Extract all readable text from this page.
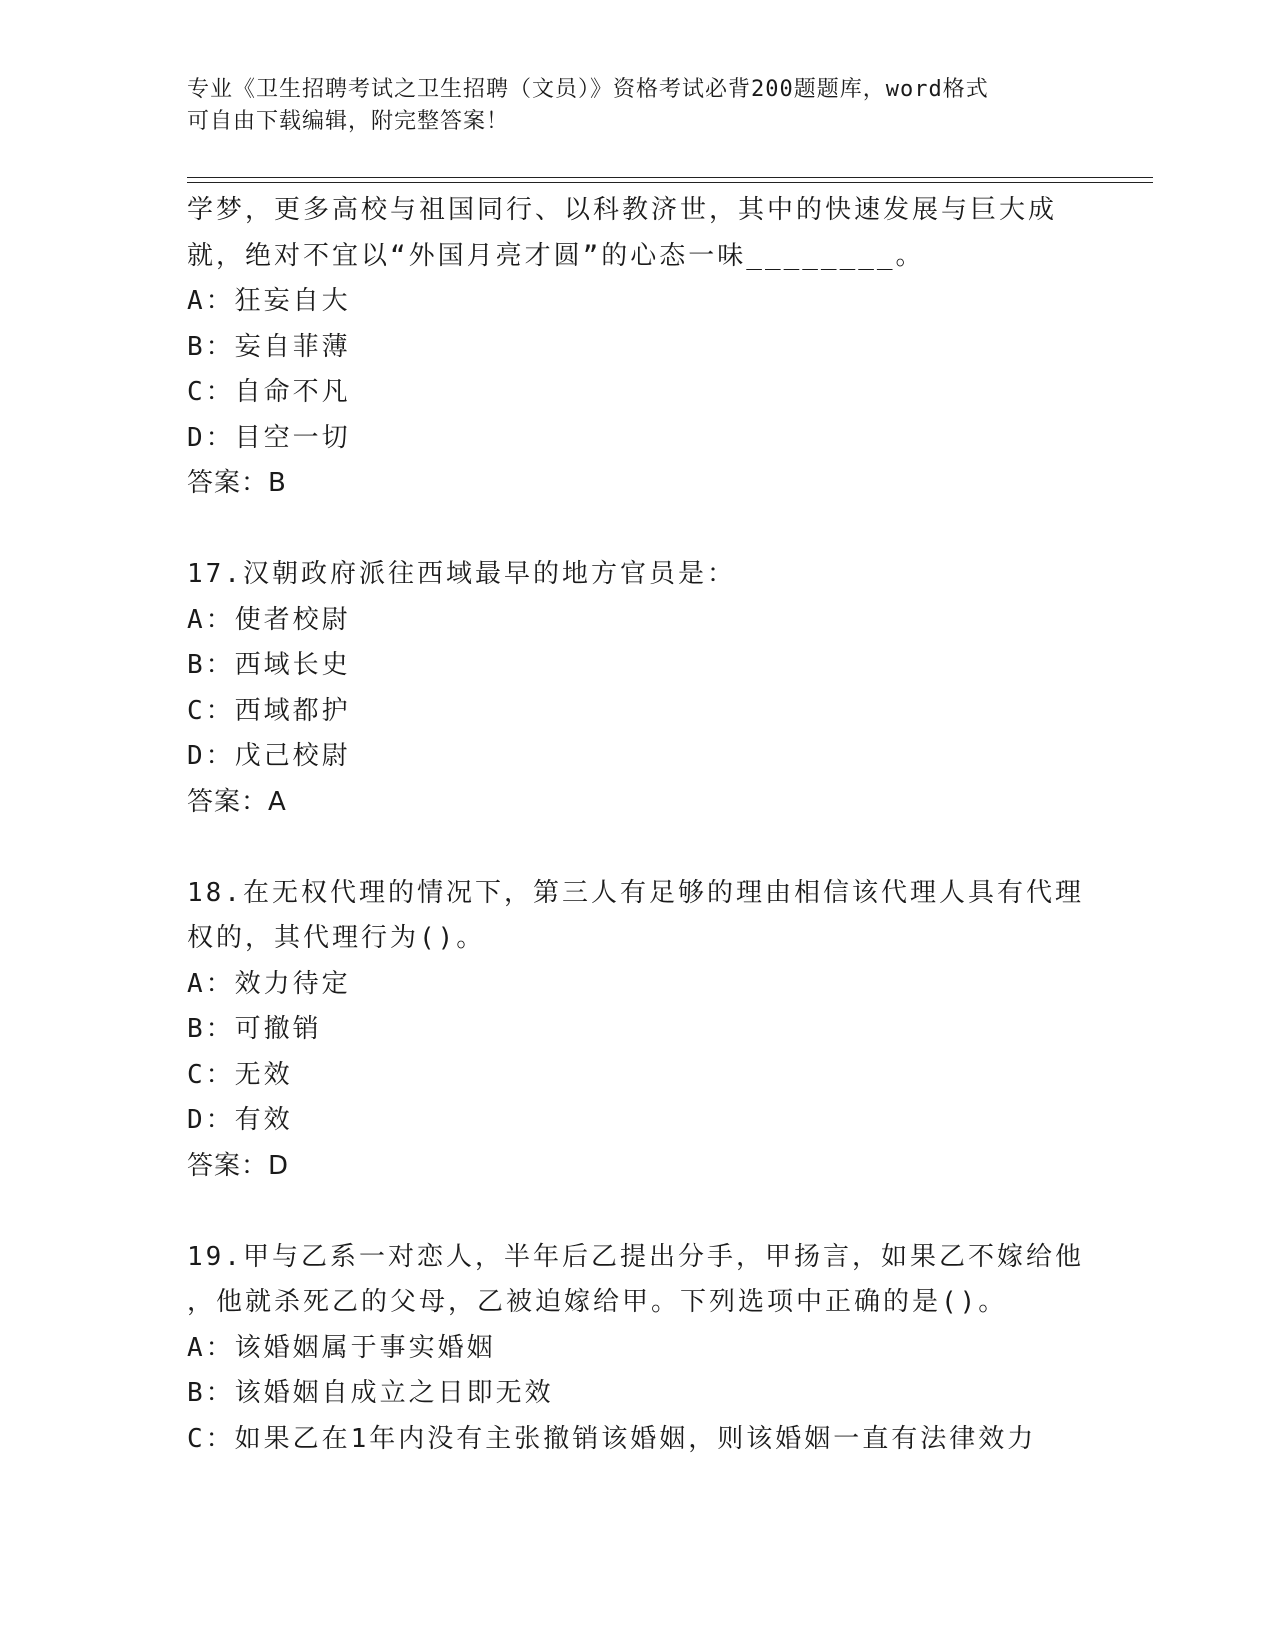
专业《卫生招聘考试之卫生招聘（文员）》资格考试必背200题题库，word格式
可自由下载编辑，附完整答案！
学梦，更多高校与祖国同行、以科教济世，其中的快速发展与巨大成
就，绝对不宜以“外国月亮才圆”的心态一味________。
A：狂妄自大
B：妄自菲薄
C：自命不凡
D：目空一切
答案：B
17.汉朝政府派往西域最早的地方官员是：
A：使者校尉
B：西域长史
C：西域都护
D：戊己校尉
答案：A
18.在无权代理的情况下，第三人有足够的理由相信该代理人具有代理
权的，其代理行为()。
A：效力待定
B：可撤销
C：无效
D：有效
答案：D
19.甲与乙系一对恋人，半年后乙提出分手，甲扬言，如果乙不嫁给他
，他就杀死乙的父母，乙被迫嫁给甲。下列选项中正确的是()。
A：该婚姻属于事实婚姻
B：该婚姻自成立之日即无效
C：如果乙在1年内没有主张撤销该婚姻，则该婚姻一直有法律效力
